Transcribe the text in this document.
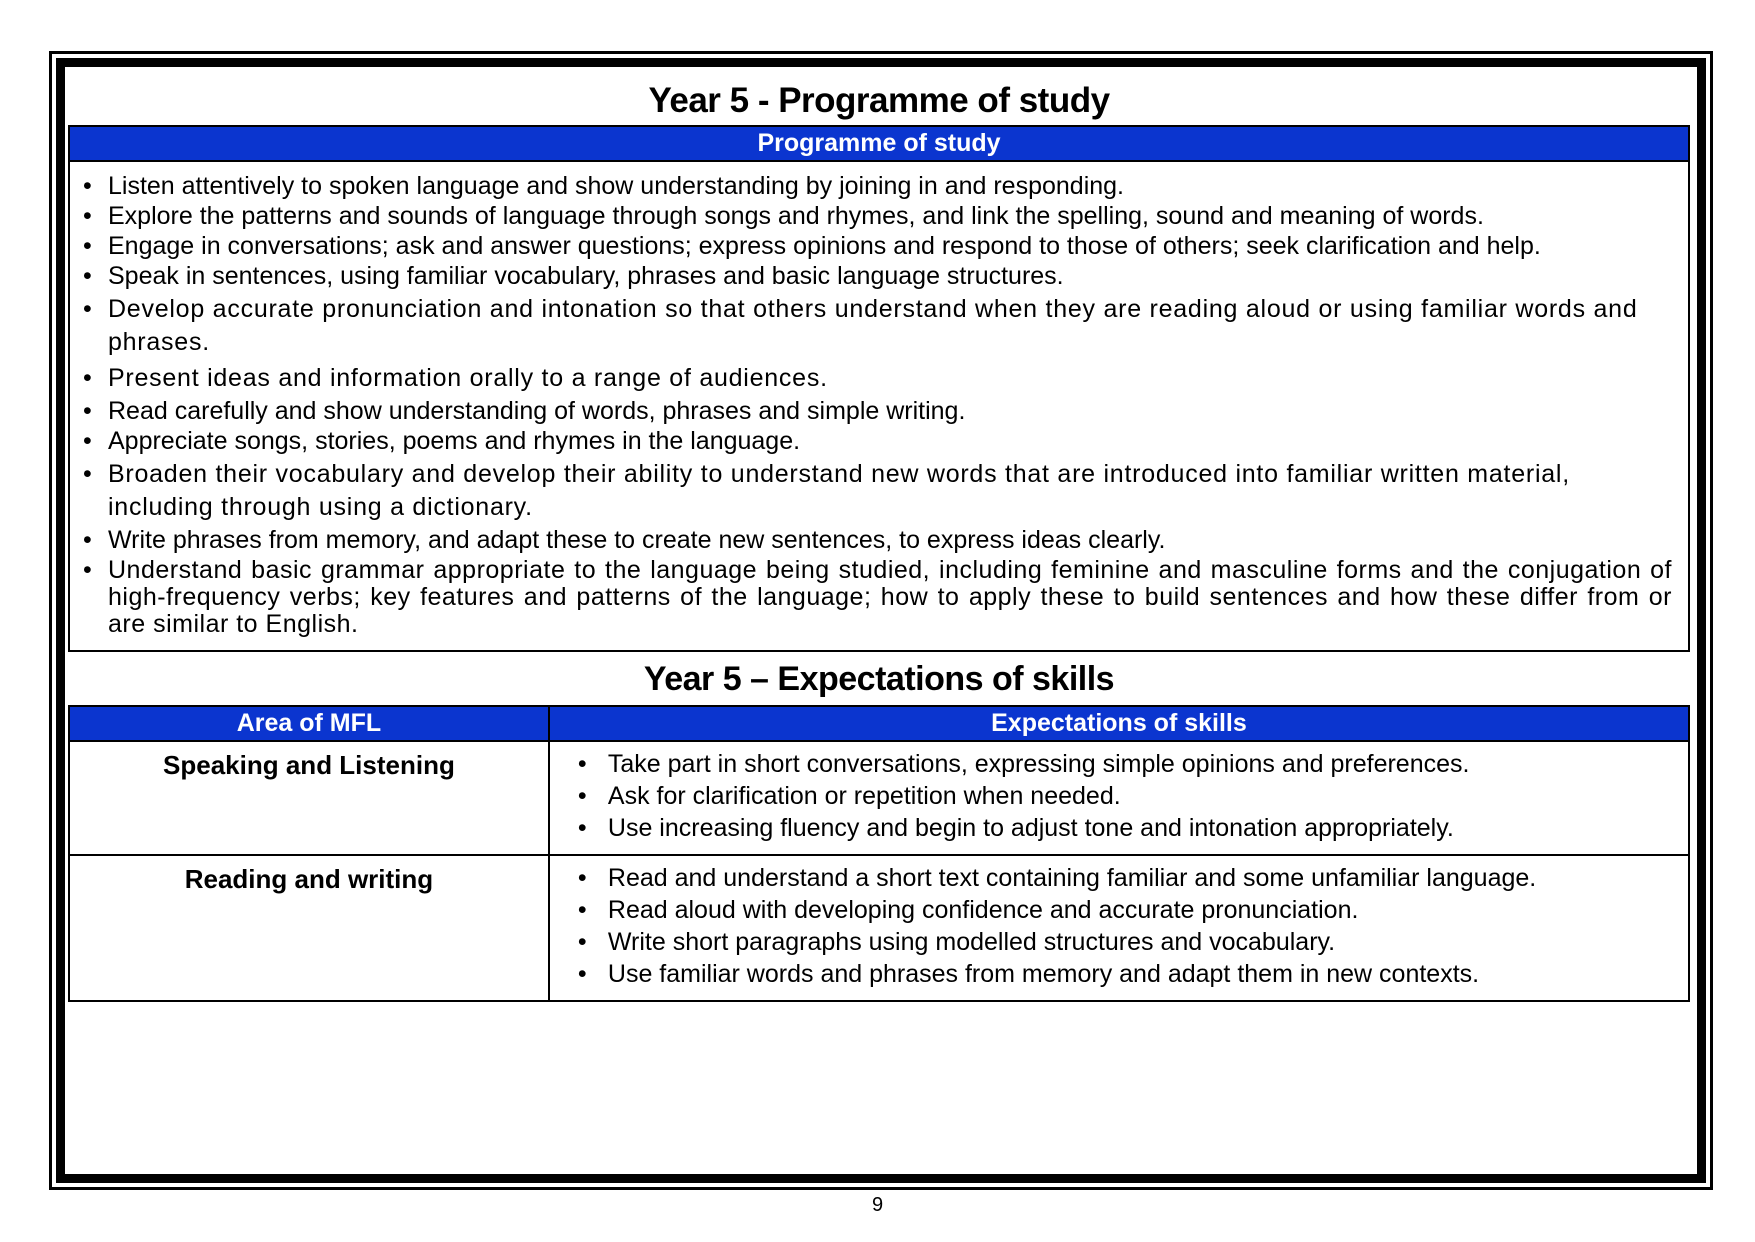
Year 5 - Programme of study
Programme of study

• Listen attentively to spoken language and show understanding by joining in and responding.
• Explore the patterns and sounds of language through songs and rhymes, and link the spelling, sound and meaning of words.
• Engage in conversations; ask and answer questions; express opinions and respond to those of others; seek clarification and help.
• Speak in sentences, using familiar vocabulary, phrases and basic language structures.
• Develop accurate pronunciation and intonation so that others understand when they are reading aloud or using familiar words and phrases.
• Present ideas and information orally to a range of audiences.
• Read carefully and show understanding of words, phrases and simple writing.
• Appreciate songs, stories, poems and rhymes in the language.
• Broaden their vocabulary and develop their ability to understand new words that are introduced into familiar written material, including through using a dictionary.
• Write phrases from memory, and adapt these to create new sentences, to express ideas clearly.
• Understand basic grammar appropriate to the language being studied, including feminine and masculine forms and the conjugation of high-frequency verbs; key features and patterns of the language; how to apply these to build sentences and how these differ from or are similar to English.
Year 5 – Expectations of skills
Area of MFL	Expectations of skills
Speaking and Listening	
•Take part in short conversations, expressing simple opinions and preferences.
• Ask for clarification or repetition when needed.
• Use increasing fluency and begin to adjust tone and intonation appropriately.

Reading and writing	
•Read and understand a short text containing familiar and some unfamiliar language.
• Read aloud with developing confidence and accurate pronunciation.
• Write short paragraphs using modelled structures and vocabulary.
• Use familiar words and phrases from memory and adapt them in new contexts.
9
